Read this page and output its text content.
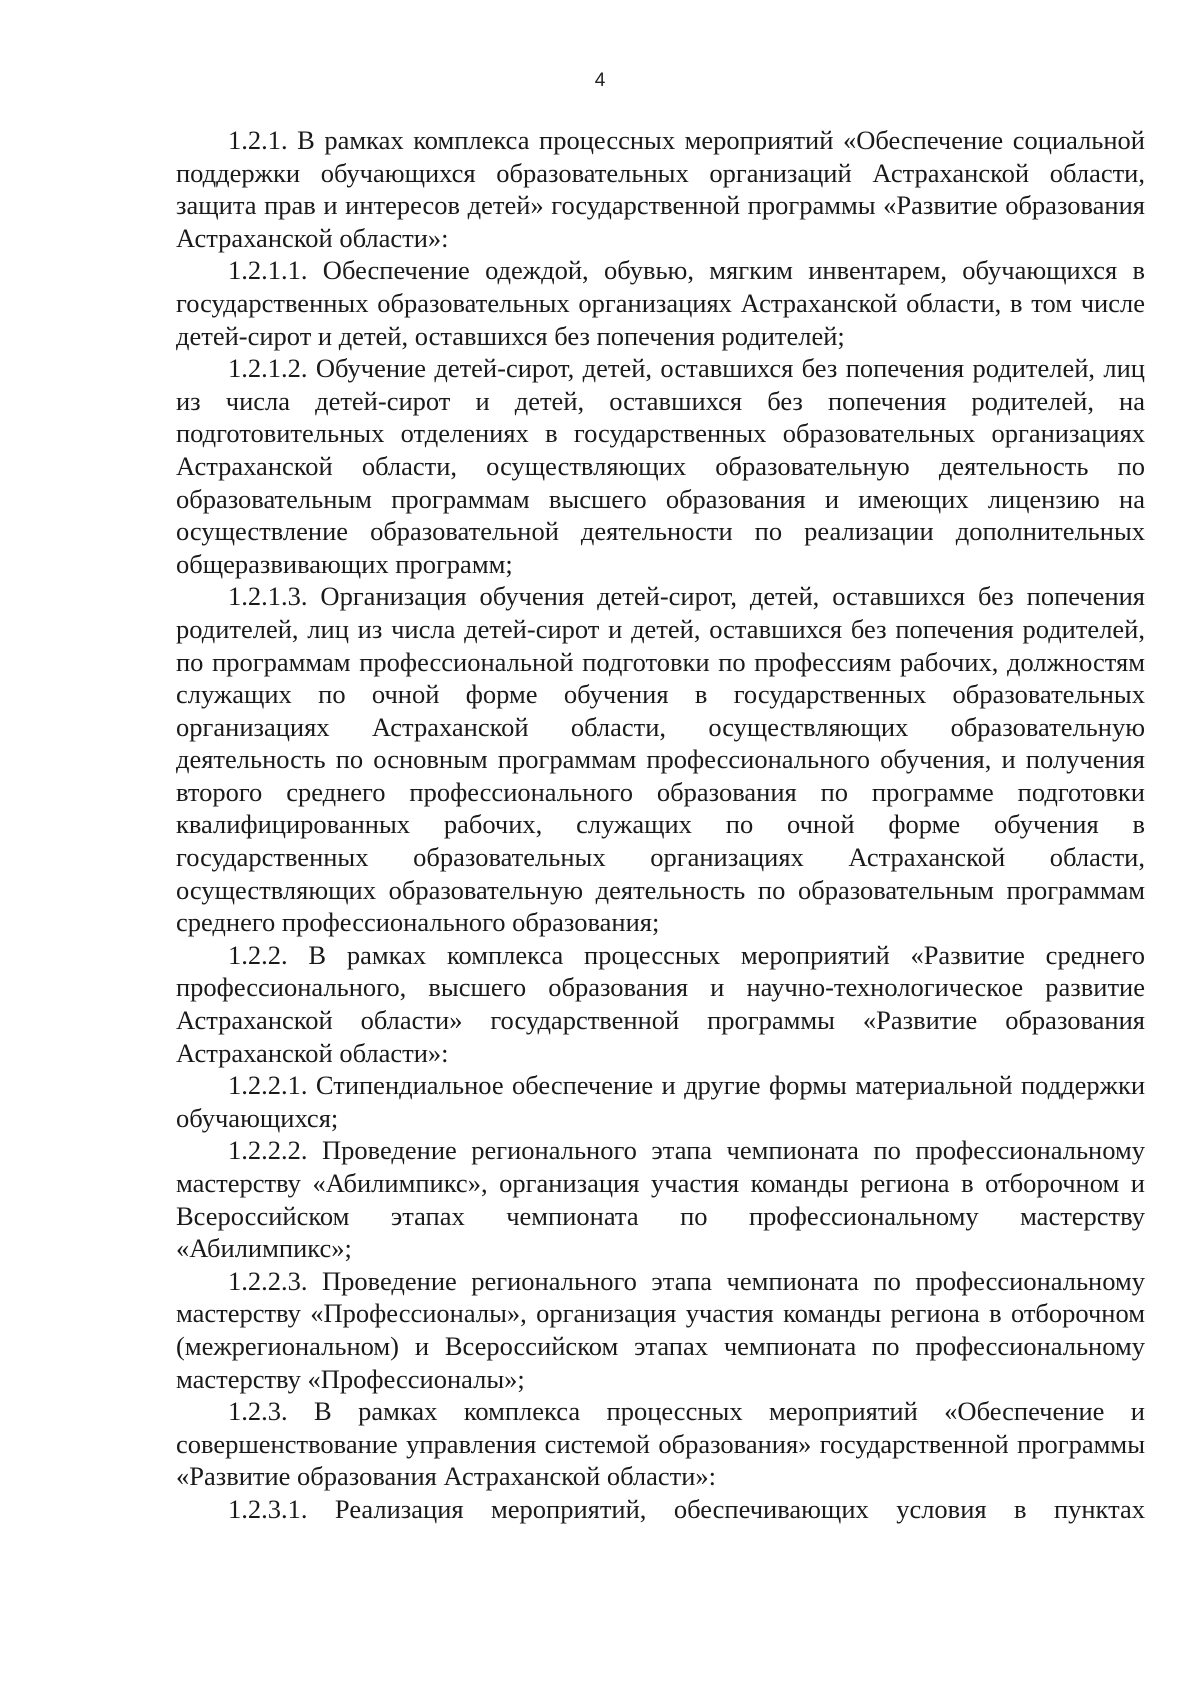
4

1.2.1. В рамках комплекса процессных мероприятий «Обеспечение социальной поддержки обучающихся образовательных организаций Астраханской области, защита прав и интересов детей» государственной программы «Развитие образования Астраханской области»:

1.2.1.1. Обеспечение одеждой, обувью, мягким инвентарем, обучающихся в государственных образовательных организациях Астраханской области, в том числе детей-сирот и детей, оставшихся без попечения родителей;

1.2.1.2. Обучение детей-сирот, детей, оставшихся без попечения родителей, лиц из числа детей-сирот и детей, оставшихся без попечения родителей, на подготовительных отделениях в государственных образовательных организациях Астраханской области, осуществляющих образовательную деятельность по образовательным программам высшего образования и имеющих лицензию на осуществление образовательной деятельности по реализации дополнительных общеразвивающих программ;

1.2.1.3. Организация обучения детей-сирот, детей, оставшихся без попечения родителей, лиц из числа детей-сирот и детей, оставшихся без попечения родителей, по программам профессиональной подготовки по профессиям рабочих, должностям служащих по очной форме обучения в государственных образовательных организациях Астраханской области, осуществляющих образовательную деятельность по основным программам профессионального обучения, и получения второго среднего профессионального образования по программе подготовки квалифицированных рабочих, служащих по очной форме обучения в государственных образовательных организациях Астраханской области, осуществляющих образовательную деятельность по образовательным программам среднего профессионального образования;

1.2.2. В рамках комплекса процессных мероприятий «Развитие среднего профессионального, высшего образования и научно-технологическое развитие Астраханской области» государственной программы «Развитие образования Астраханской области»:

1.2.2.1. Стипендиальное обеспечение и другие формы материальной поддержки обучающихся;

1.2.2.2. Проведение регионального этапа чемпионата по профессиональному мастерству «Абилимпикс», организация участия команды региона в отборочном и Всероссийском этапах чемпионата по профессиональному мастерству «Абилимпикс»;

1.2.2.3. Проведение регионального этапа чемпионата по профессиональному мастерству «Профессионалы», организация участия команды региона в отборочном (межрегиональном) и Всероссийском этапах чемпионата по профессиональному мастерству «Профессионалы»;

1.2.3. В рамках комплекса процессных мероприятий «Обеспечение и совершенствование управления системой образования» государственной программы «Развитие образования Астраханской области»:

1.2.3.1. Реализация мероприятий, обеспечивающих условия в пунктах
